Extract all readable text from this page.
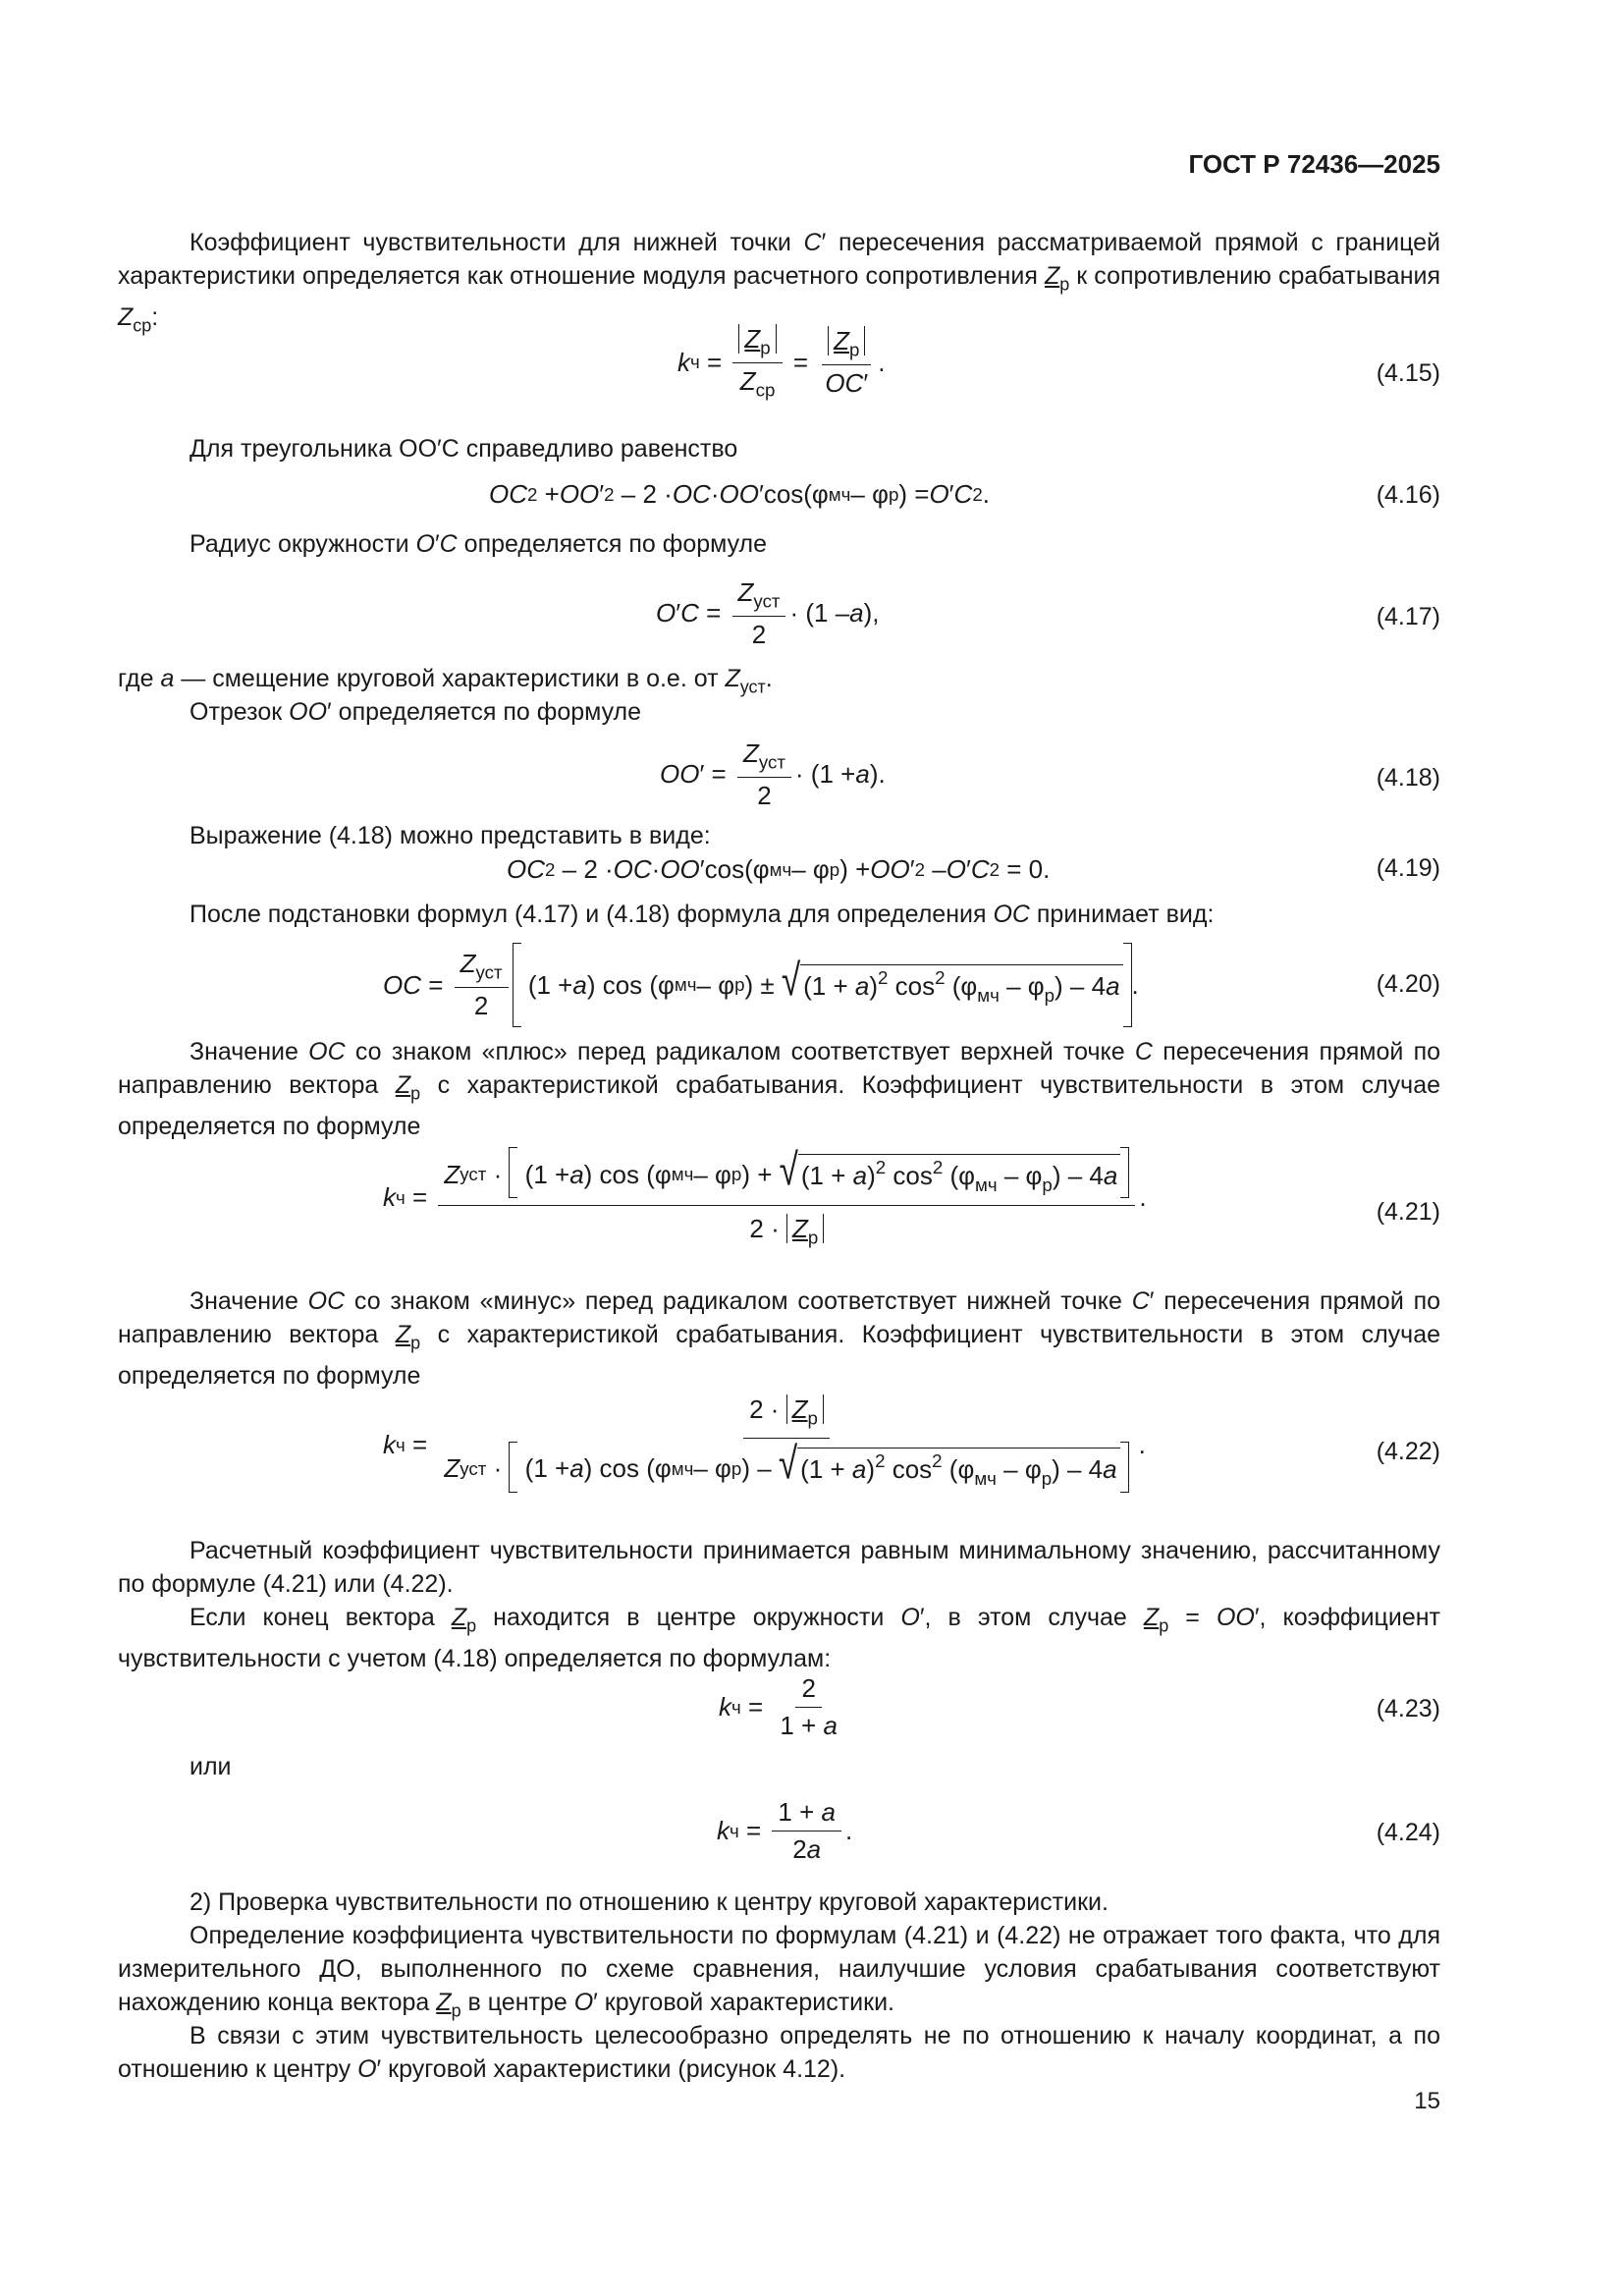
ГОСТ Р 72436—2025
Коэффициент чувствительности для нижней точки C′ пересечения рассматриваемой прямой с границей характеристики определяется как отношение модуля расчетного сопротивления $Z_р$ к сопротивлению срабатывания $Z_{ср}$:
k $ч = \frac{Z_р}{Z_{ср}} = \frac{Z_р}{OC'}$ .	(4.15)
Для треугольника OO′C справедливо равенство
OC 2 + OO ′ 2 – 2 · OC · OO ′cos(φ мч – φ р ) = O ′ C 2 .	(4.16)
Радиус окружности O′C определяется по формуле
O ′ $C = \frac{Z_{уст}}{2} \cdot (1 - a$ ),	(4.17)
где a — смещение круговой характеристики в о.е. от $Z_{уст}$.
Отрезок OO′ определяется по формуле
OO ′ = $\frac{Z_{уст}}{2} \cdot (1 + a$ ).	(4.18)
Выражение (4.18) можно представить в виде:
OC 2 – 2 · OC · OO ′cos(φ мч – φ р ) + OO ′ 2 – O ′ C 2 = 0.	(4.19)
После подстановки формул (4.17) и (4.18) формула для определения OC принимает вид:
OC = $\frac{Z_{уст}}{2} (1 + a$ ) cos (φ мч – φ р ) ± √ $(1 + a)^2$ $\cos^2 (\varphi_{мч} - \varphi_р) - 4a$ .	(4.20)
Значение OC со знаком «плюс» перед радикалом соответствует верхней точке C пересечения прямой по направлению вектора $Z_р$ с характеристикой срабатывания. Коэффициент чувствительности в этом случае определяется по формуле
k ч =
Z уст ·
(1 + a ) cos (φ мч – φ р ) + √ $(1 + a)^2$ $\cos^2 (\varphi_{мч} - \varphi_р) - 4a$
$2 \cdot Z_р$
.	(4.21)
Значение OC со знаком «минус» перед радикалом соответствует нижней точке C′ пересечения прямой по направлению вектора $Z_р$ с характеристикой срабатывания. Коэффициент чувствительности в этом случае определяется по формуле
k ч =
$2 \cdot Z_р$
Z уст ·
(1 + a ) cos (φ мч – φ р ) – √ $(1 + a)^2$ $\cos^2 (\varphi_{мч} - \varphi_р) - 4a$
.	(4.22)
Расчетный коэффициент чувствительности принимается равным минимальному значению, рассчитанному по формуле (4.21) или (4.22).
Если конец вектора $Z_р$ находится в центре окружности O′, в этом случае $Z_р = OO'$, коэффициент чувствительности с учетом (4.18) определяется по формулам:
k $ч = \frac{2}{1 + a}$	(4.23)
или
k $ч = \frac{1 + a}{2a}$ .	(4.24)
2) Проверка чувствительности по отношению к центру круговой характеристики.
Определение коэффициента чувствительности по формулам (4.21) и (4.22) не отражает того факта, что для измерительного ДО, выполненного по схеме сравнения, наилучшие условия срабатывания соответствуют нахождению конца вектора $Z_р$ в центре O′ круговой характеристики.
В связи с этим чувствительность целесообразно определять не по отношению к началу координат, а по отношению к центру O′ круговой характеристики (рисунок 4.12).
15
